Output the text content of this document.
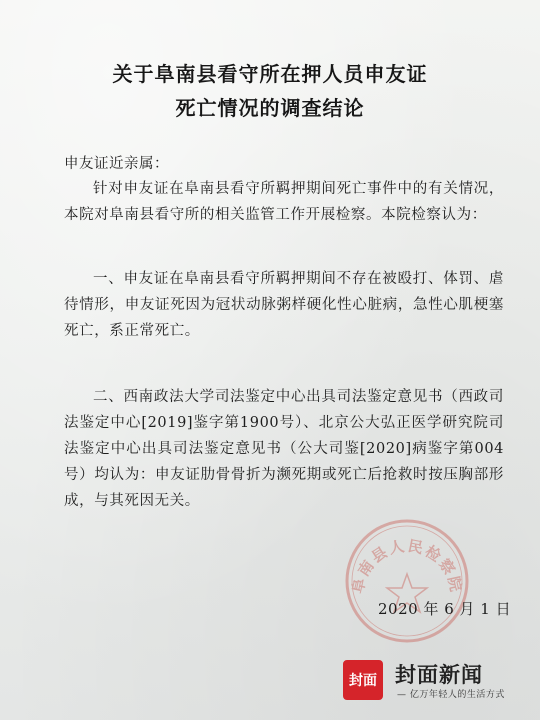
关于阜南县看守所在押人员申友证
死亡情况的调查结论
申友证近亲属：

针对申友证在阜南县看守所羁押期间死亡事件中的有关情况，本院对阜南县看守所的相关监管工作开展检察。本院检察认为：

一、申友证在阜南县看守所羁押期间不存在被殴打、体罚、虐待情形，申友证死因为冠状动脉粥样硬化性心脏病，急性心肌梗塞死亡，系正常死亡。

二、西南政法大学司法鉴定中心出具司法鉴定意见书（西政司法鉴定中心[2019]鉴字第1900号）、北京公大弘正医学研究院司法鉴定中心出具司法鉴定意见书（公大司鉴[2020]病鉴字第004号）均认为：申友证肋骨骨折为濒死期或死亡后抢救时按压胸部形成，与其死因无关。

阜南县人民检察院
2020 年 6 月 1 日
封面 封面新闻
— 亿万年轻人的生活方式
